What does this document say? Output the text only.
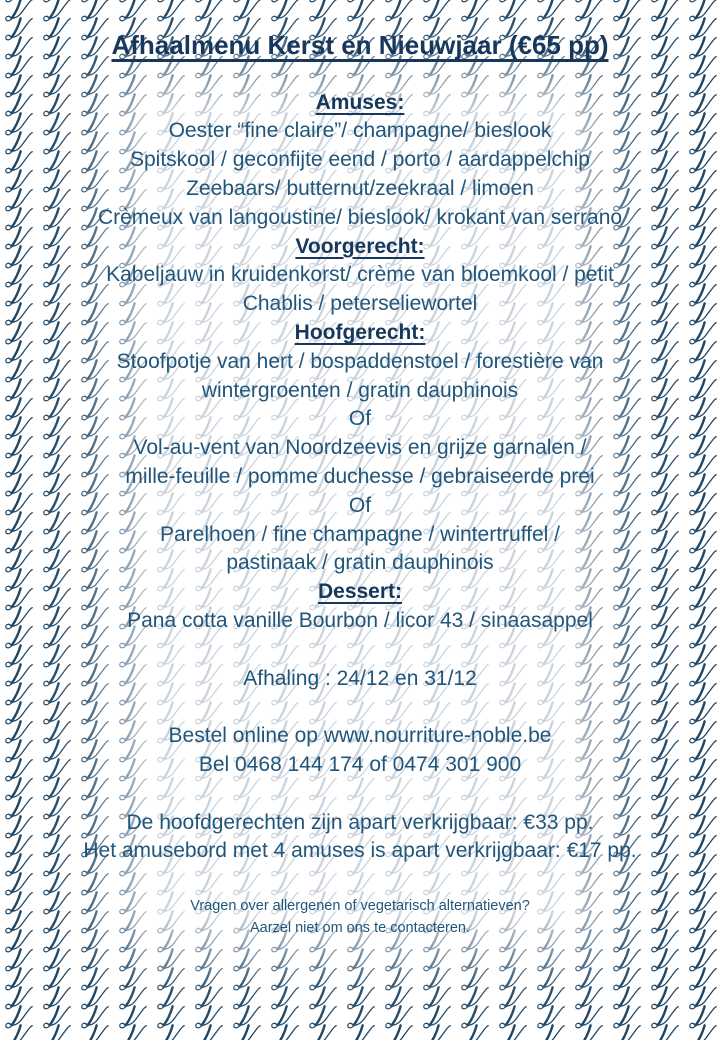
Afhaalmenu Kerst en Nieuwjaar (€65 pp)
Amuses:
Oester “fine claire”/ champagne/ bieslook
Spitskool / geconfijte eend / porto / aardappelchip
Zeebaars/ butternut/zeekraal / limoen
Crèmeux van langoustine/ bieslook/ krokant van serrano
Voorgerecht:
Kabeljauw in kruidenkorst/ crème van bloemkool / petit
Chablis / peterseliewortel
Hoofgerecht:
Stoofpotje van hert / bospaddenstoel / forestière van
wintergroenten / gratin dauphinois
Of
Vol-au-vent van Noordzeevis en grijze garnalen /
mille-feuille / pomme duchesse / gebraiseerde prei
Of
Parelhoen / fine champagne / wintertruffel /
pastinaak / gratin dauphinois
Dessert:
Pana cotta vanille Bourbon / licor 43 / sinaasappel
Afhaling : 24/12 en 31/12
Bestel online op www.nourriture-noble.be
Bel 0468 144 174 of 0474 301 900
De hoofdgerechten zijn apart verkrijgbaar: €33 pp.
Het amusebord met 4 amuses is apart verkrijgbaar: €17 pp.
Vragen over allergenen of vegetarisch alternatieven?
Aarzel niet om ons te contacteren.
